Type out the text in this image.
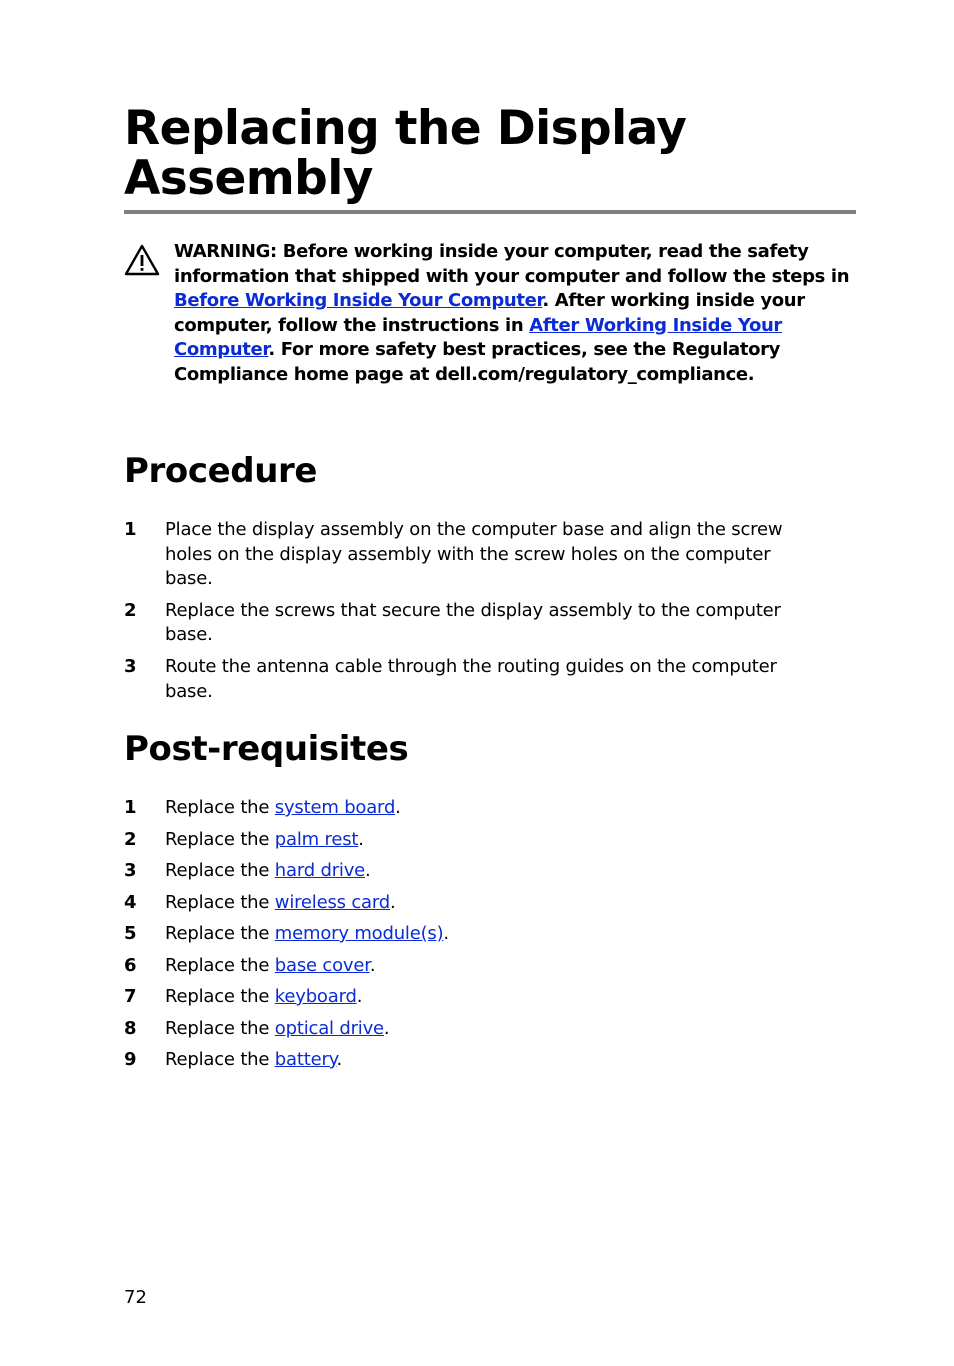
Replacing the Display
Assembly

WARNING: Before working inside your computer, read the safety
information that shipped with your computer and follow the steps in
Before Working Inside Your Computer. After working inside your
computer, follow the instructions in After Working Inside Your
Computer. For more safety best practices, see the Regulatory
Compliance home page at dell.com/regulatory_compliance.

Procedure
1 Place the display assembly on the computer base and align the screw
holes on the display assembly with the screw holes on the computer
base.
2 Replace the screws that secure the display assembly to the computer
base.
3 Route the antenna cable through the routing guides on the computer
base.
Post-requisites
1 Replace the system board.
2 Replace the palm rest.
3 Replace the hard drive.
4 Replace the wireless card.
5 Replace the memory module(s).
6 Replace the base cover.
7 Replace the keyboard.
8 Replace the optical drive.
9 Replace the battery.
72
